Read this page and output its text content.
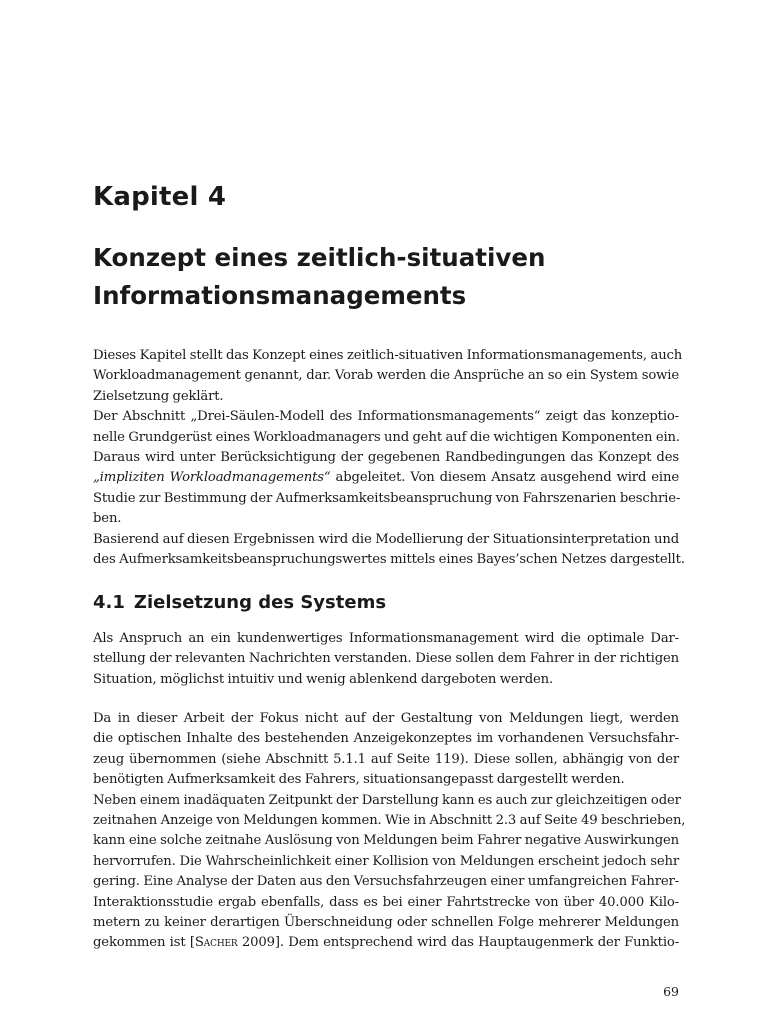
Kapitel 4
Konzept eines zeitlich-situativen
Informationsmanagements
Dieses Kapitel stellt das Konzept eines zeitlich-situativen Informationsmanagements, auch
Workloadmanagement genannt, dar. Vorab werden die Ansprüche an so ein System sowie
Zielsetzung geklärt.
Der Abschnitt „Drei-Säulen-Modell des Informationsmanagements“ zeigt das konzeptio-
nelle Grundgerüst eines Workloadmanagers und geht auf die wichtigen Komponenten ein.
Daraus wird unter Berücksichtigung der gegebenen Randbedingungen das Konzept des
„impliziten Workloadmanagements“ abgeleitet. Von diesem Ansatz ausgehend wird eine
Studie zur Bestimmung der Aufmerksamkeitsbeanspruchung von Fahrszenarien beschrie-
ben.
Basierend auf diesen Ergebnissen wird die Modellierung der Situationsinterpretation und
des Aufmerksamkeitsbeanspruchungswertes mittels eines Bayes’schen Netzes dargestellt.
4.1 Zielsetzung des Systems
Als Anspruch an ein kundenwertiges Informationsmanagement wird die optimale Dar-
stellung der relevanten Nachrichten verstanden. Diese sollen dem Fahrer in der richtigen
Situation, möglichst intuitiv und wenig ablenkend dargeboten werden.
Da in dieser Arbeit der Fokus nicht auf der Gestaltung von Meldungen liegt, werden
die optischen Inhalte des bestehenden Anzeigekonzeptes im vorhandenen Versuchsfahr-
zeug übernommen (siehe Abschnitt 5.1.1 auf Seite 119). Diese sollen, abhängig von der
benötigten Aufmerksamkeit des Fahrers, situationsangepasst dargestellt werden.
Neben einem inadäquaten Zeitpunkt der Darstellung kann es auch zur gleichzeitigen oder
zeitnahen Anzeige von Meldungen kommen. Wie in Abschnitt 2.3 auf Seite 49 beschrieben,
kann eine solche zeitnahe Auslösung von Meldungen beim Fahrer negative Auswirkungen
hervorrufen. Die Wahrscheinlichkeit einer Kollision von Meldungen erscheint jedoch sehr
gering. Eine Analyse der Daten aus den Versuchsfahrzeugen einer umfangreichen Fahrer-
Interaktionsstudie ergab ebenfalls, dass es bei einer Fahrtstrecke von über 40.000 Kilo-
metern zu keiner derartigen Überschneidung oder schnellen Folge mehrerer Meldungen
gekommen ist [Sacher 2009]. Dem entsprechend wird das Hauptaugenmerk der Funktio-

69
